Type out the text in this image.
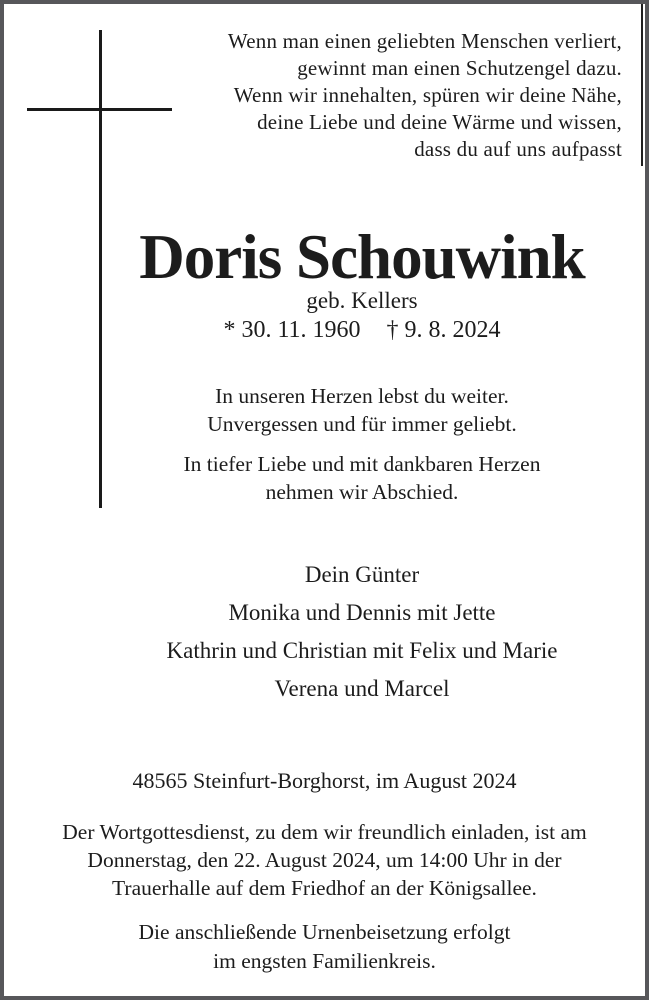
Wenn man einen geliebten Menschen verliert,
gewinnt man einen Schutzengel dazu.
Wenn wir innehalten, spüren wir deine Nähe,
deine Liebe und deine Wärme und wissen,
dass du auf uns aufpasst
Doris Schouwink
geb. Kellers
* 30. 11. 1960 † 9. 8. 2024
In unseren Herzen lebst du weiter.
Unvergessen und für immer geliebt.
In tiefer Liebe und mit dankbaren Herzen
nehmen wir Abschied.
Dein Günter
Monika und Dennis mit Jette
Kathrin und Christian mit Felix und Marie
Verena und Marcel
48565 Steinfurt-Borghorst, im August 2024
Der Wortgottesdienst, zu dem wir freundlich einladen, ist am
Donnerstag, den 22. August 2024, um 14:00 Uhr in der
Trauerhalle auf dem Friedhof an der Königsallee.
Die anschließende Urnenbeisetzung erfolgt
im engsten Familienkreis.
